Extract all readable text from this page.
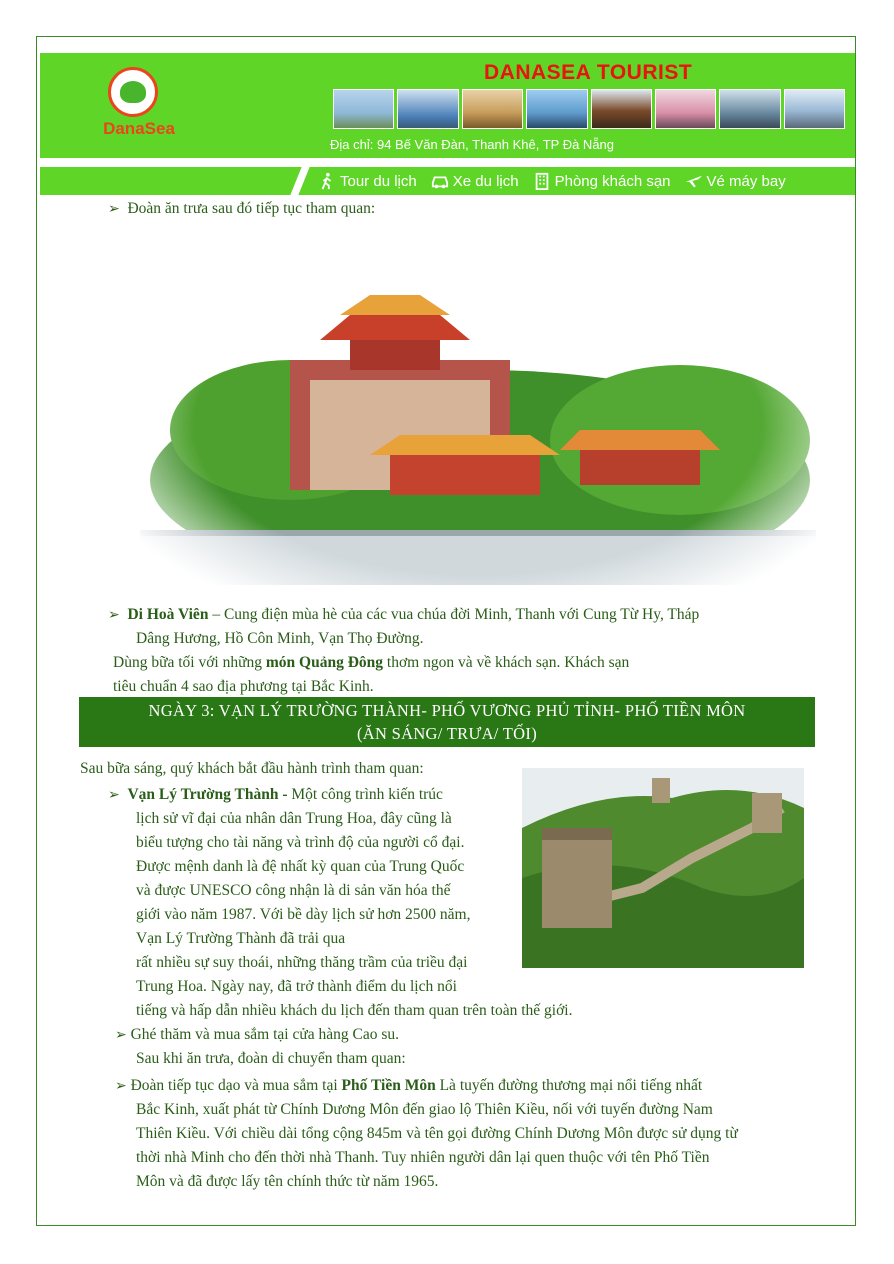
DanaSea
DANASEA TOURIST
Địa chỉ: 94 Bế Văn Đàn, Thanh Khê, TP Đà Nẵng
Tour du lịch Xe du lịch Phòng khách sạn Vé máy bay
➢ Đoàn ăn trưa sau đó tiếp tục tham quan:
➢ Di Hoà Viên – Cung điện mùa hè của các vua chúa đời Minh, Thanh với Cung Từ Hy, Tháp
Dâng Hương, Hồ Côn Minh, Vạn Thọ Đường.
Dùng bữa tối với những món Quảng Đông thơm ngon và về khách sạn. Khách sạn
tiêu chuẩn 4 sao địa phương tại Bắc Kinh.
NGÀY 3: VẠN LÝ TRƯỜNG THÀNH- PHỐ VƯƠNG PHỦ TỈNH- PHỐ TIỀN MÔN
(ĂN SÁNG/ TRƯA/ TỐI)
Sau bữa sáng, quý khách bắt đầu hành trình tham quan:
➢ Vạn Lý Trường Thành - Một công trình kiến trúc
lịch sử vĩ đại của nhân dân Trung Hoa, đây cũng là
biểu tượng cho tài năng và trình độ của người cổ đại.
Được mệnh danh là đệ nhất kỳ quan của Trung Quốc
và được UNESCO công nhận là di sản văn hóa thế
giới vào năm 1987. Với bề dày lịch sử hơn 2500 năm,
Vạn Lý Trường Thành đã trải qua
rất nhiều sự suy thoái, những thăng trầm của triều đại
Trung Hoa. Ngày nay, đã trở thành điểm du lịch nổi
tiếng và hấp dẫn nhiều khách du lịch đến tham quan trên toàn thế giới.
➢ Ghé thăm và mua sắm tại cửa hàng Cao su.
Sau khi ăn trưa, đoàn di chuyển tham quan:
➢ Đoàn tiếp tục dạo và mua sắm tại Phố Tiền Môn Là tuyến đường thương mại nổi tiếng nhất
Bắc Kinh, xuất phát từ Chính Dương Môn đến giao lộ Thiên Kiều, nối với tuyến đường Nam
Thiên Kiều. Với chiều dài tổng cộng 845m và tên gọi đường Chính Dương Môn được sử dụng từ
thời nhà Minh cho đến thời nhà Thanh. Tuy nhiên người dân lại quen thuộc với tên Phố Tiền
Môn và đã được lấy tên chính thức từ năm 1965.
